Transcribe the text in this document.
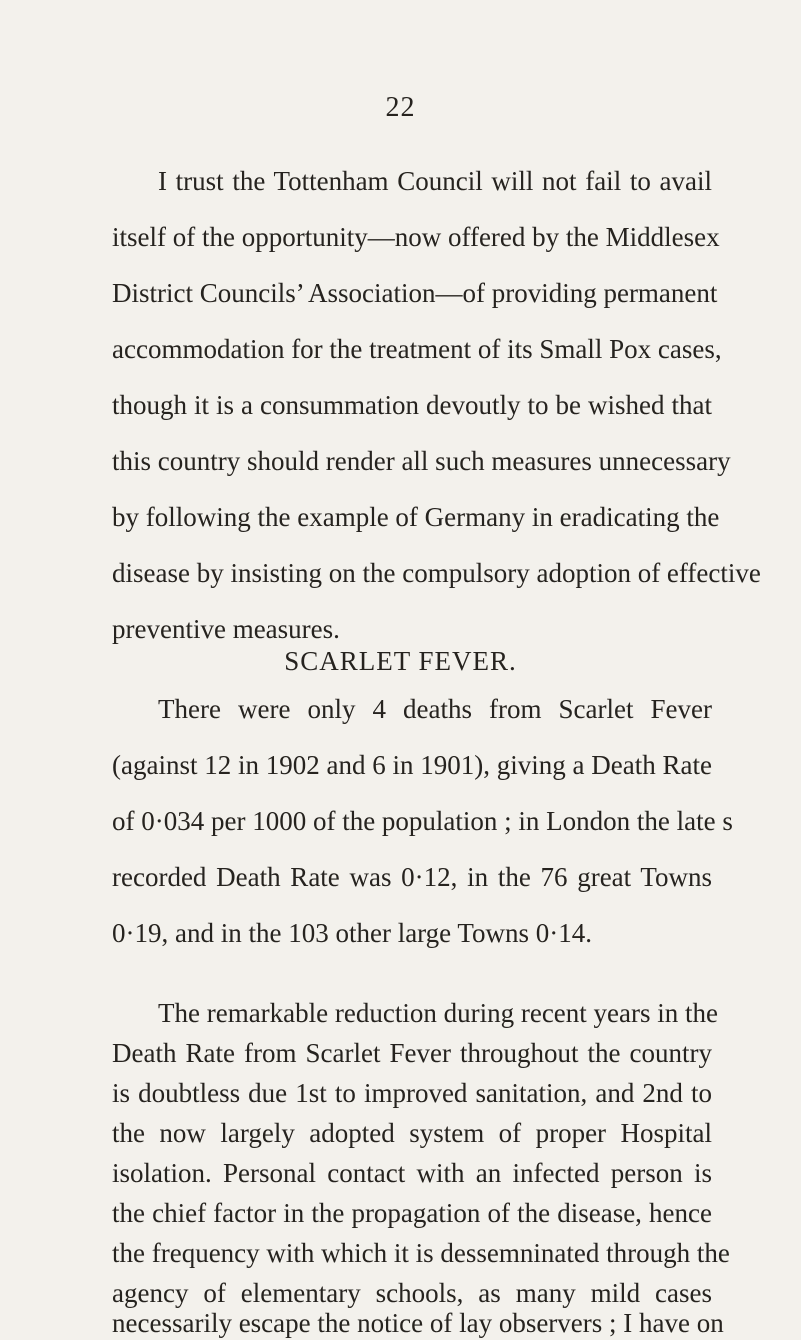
22
I trust the Tottenham Council will not fail to avail
itself of the opportunity—now offered by the Middlesex
District Councils’ Association—of providing permanent
accommodation for the treatment of its Small Pox cases,
though it is a consummation devoutly to be wished that
this country should render all such measures unnecessary
by following the example of Germany in eradicating the
disease by insisting on the compulsory adoption of effective
preventive measures.
SCARLET FEVER.
There were only 4 deaths from Scarlet Fever
(against 12 in 1902 and 6 in 1901), giving a Death Rate
of 0·034 per 1000 of the population ; in London the late s
recorded Death Rate was 0·12, in the 76 great Towns
0·19, and in the 103 other large Towns 0·14.
The remarkable reduction during recent years in the
Death Rate from Scarlet Fever throughout the country
is doubtless due 1st to improved sanitation, and 2nd to
the now largely adopted system of proper Hospital
isolation. Personal contact with an infected person is
the chief factor in the propagation of the disease, hence
the frequency with which it is dessemninated through the
agency of elementary schools, as many mild cases
necessarily escape the notice of lay observers ; I have on
